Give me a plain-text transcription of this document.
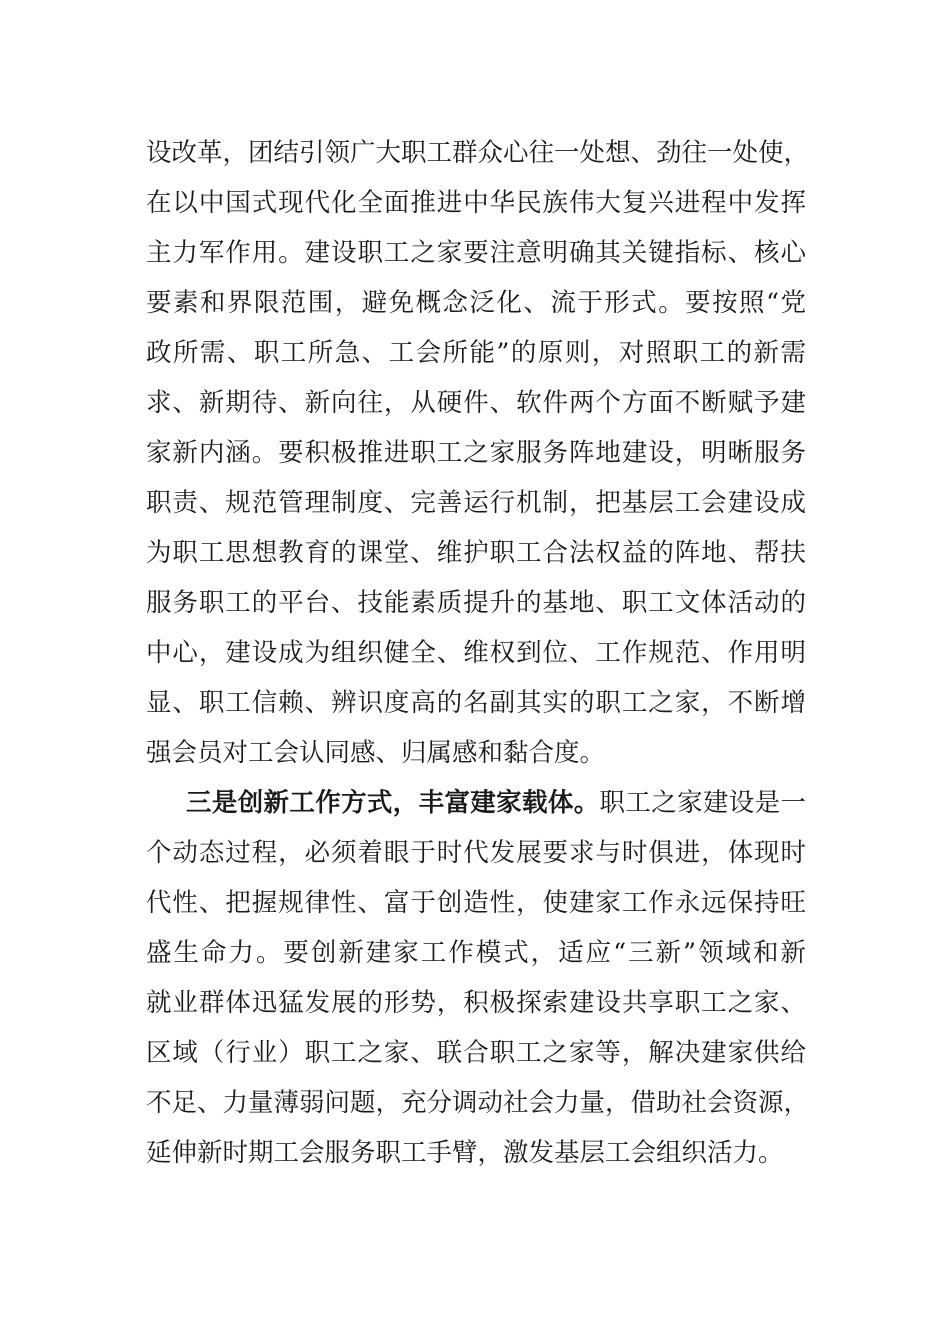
设改革，团结引领广大职工群众心往一处想、劲往一处使，
在以中国式现代化全面推进中华民族伟大复兴进程中发挥
主力军作用。建设职工之家要注意明确其关键指标、核心
要素和界限范围，避免概念泛化、流于形式。要按照“党
政所需、职工所急、工会所能”的原则，对照职工的新需
求、新期待、新向往，从硬件、软件两个方面不断赋予建
家新内涵。要积极推进职工之家服务阵地建设，明晰服务
职责、规范管理制度、完善运行机制，把基层工会建设成
为职工思想教育的课堂、维护职工合法权益的阵地、帮扶
服务职工的平台、技能素质提升的基地、职工文体活动的
中心，建设成为组织健全、维权到位、工作规范、作用明
显、职工信赖、辨识度高的名副其实的职工之家，不断增
强会员对工会认同感、归属感和黏合度。
三是创新工作方式，丰富建家载体。职工之家建设是一
个动态过程，必须着眼于时代发展要求与时俱进，体现时
代性、把握规律性、富于创造性，使建家工作永远保持旺
盛生命力。要创新建家工作模式，适应“三新”领域和新
就业群体迅猛发展的形势，积极探索建设共享职工之家、
区域（行业）职工之家、联合职工之家等，解决建家供给
不足、力量薄弱问题，充分调动社会力量，借助社会资源，
延伸新时期工会服务职工手臂，激发基层工会组织活力。
